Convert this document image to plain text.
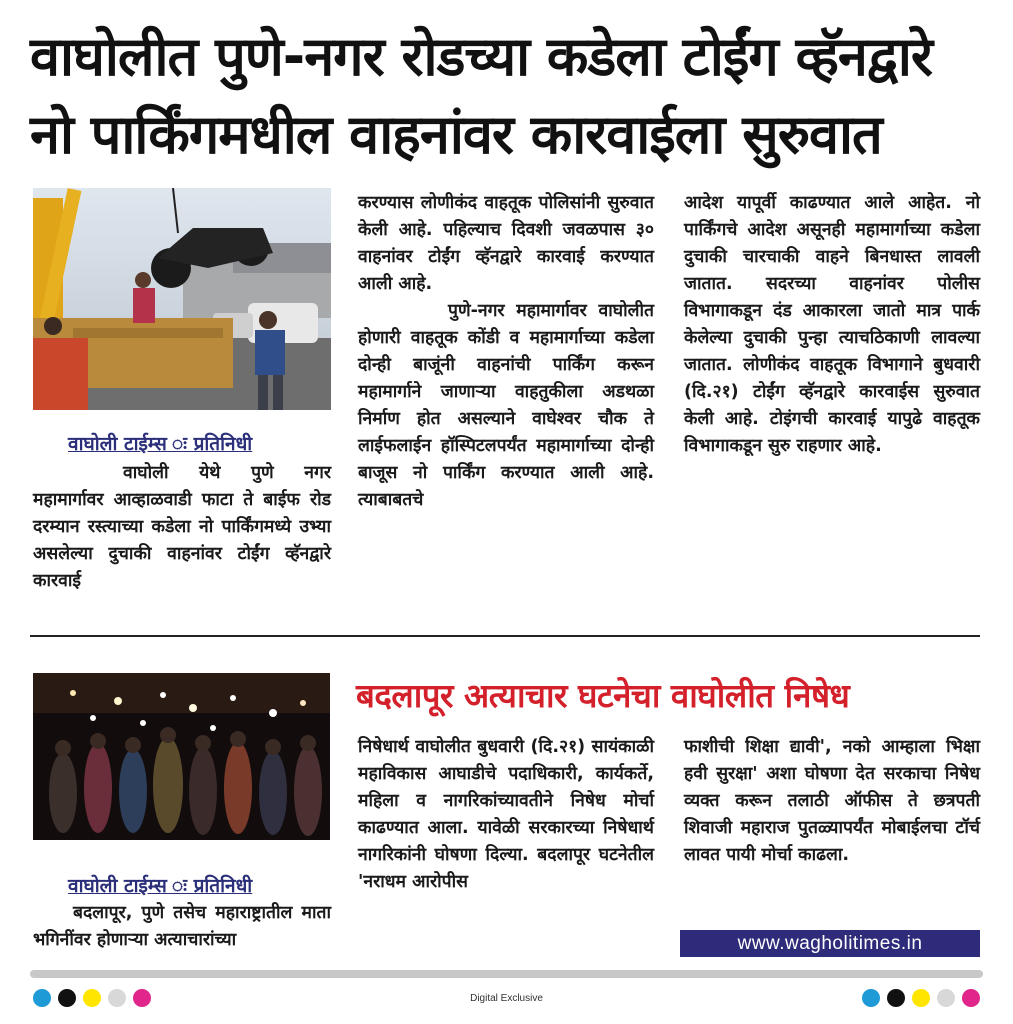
वाघोलीत पुणे-नगर रोडच्या कडेला टोईंग व्हॅनद्वारे
नो पार्किंगमधील वाहनांवर कारवाईला सुरुवात
वाघोली टाईम्स ः प्रतिनिधी

वाघोली येथे पुणे नगर महामार्गावर आव्हाळवाडी फाटा ते बाईफ रोड दरम्यान रस्त्याच्या कडेला नो पार्किंगमध्ये उभ्या असलेल्या दुचाकी वाहनांवर टोईंग व्हॅनद्वारे कारवाई

करण्यास लोणीकंद वाहतूक पोलिसांनी सुरुवात केली आहे. पहिल्याच दिवशी जवळपास ३० वाहनांवर टोईंग व्हॅनद्वारे कारवाई करण्यात आली आहे.

पुणे-नगर महामार्गावर वाघोलीत होणारी वाहतूक कोंडी व महामार्गाच्या कडेला दोन्ही बाजूंनी वाहनांची पार्किंग करून महामार्गाने जाणाऱ्या वाहतुकीला अडथळा निर्माण होत असल्याने वाघेश्वर चौक ते लाईफलाईन हॉस्पिटलपर्यंत महामार्गाच्या दोन्ही बाजूस नो पार्किंग करण्यात आली आहे. त्याबाबतचे

आदेश यापूर्वी काढण्यात आले आहेत. नो पार्किंगचे आदेश असूनही महामार्गाच्या कडेला दुचाकी चारचाकी वाहने बिनधास्त लावली जातात. सदरच्या वाहनांवर पोलीस विभागाकडून दंड आकारला जातो मात्र पार्क केलेल्या दुचाकी पुन्हा त्याचठिकाणी लावल्या जातात. लोणीकंद वाहतूक विभागाने बुधवारी (दि.२१) टोईंग व्हॅनद्वारे कारवाईस सुरुवात केली आहे. टोइंगची कारवाई यापुढे वाहतूक विभागाकडून सुरु राहणार आहे.

बदलापूर अत्याचार घटनेचा वाघोलीत निषेध
वाघोली टाईम्स ः प्रतिनिधी

बदलापूर, पुणे तसेच महाराष्ट्रातील माता भगिनींवर होणाऱ्या अत्याचारांच्या

निषेधार्थ वाघोलीत बुधवारी (दि.२१) सायंकाळी महाविकास आघाडीचे पदाधिकारी, कार्यकर्ते, महिला व नागरिकांच्यावतीने निषेध मोर्चा काढण्यात आला. यावेळी सरकारच्या निषेधार्थ नागरिकांनी घोषणा दिल्या. बदलापूर घटनेतील 'नराधम आरोपीस

फाशीची शिक्षा द्यावी', नको आम्हाला भिक्षा हवी सुरक्षा' अशा घोषणा देत सरकाचा निषेध व्यक्त करून तलाठी ऑफीस ते छत्रपती शिवाजी महाराज पुतळ्यापर्यंत मोबाईलचा टॉर्च लावत पायी मोर्चा काढला.

www.wagholitimes.in
Digital Exclusive
